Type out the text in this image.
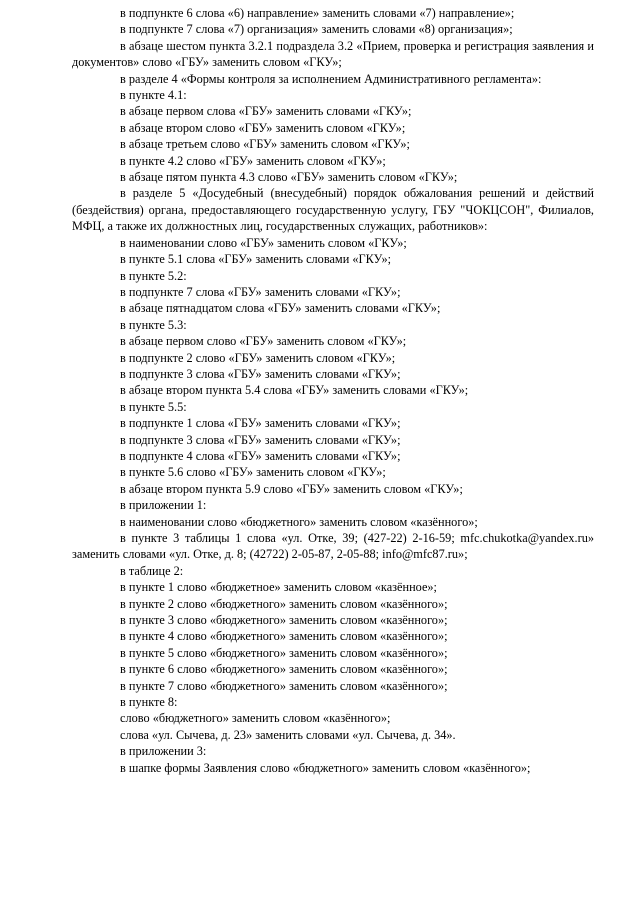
в подпункте 6 слова «6) направление» заменить словами «7) направление»;

в подпункте 7 слова «7) организация» заменить словами «8) организация»;

в абзаце шестом пункта 3.2.1 подраздела 3.2 «Прием, проверка и регистрация заявления и документов» слово «ГБУ» заменить словом «ГКУ»;

в разделе 4 «Формы контроля за исполнением Административного регламента»:

в пункте 4.1:

в абзаце первом слова «ГБУ» заменить словами «ГКУ»;

в абзаце втором слово «ГБУ» заменить словом «ГКУ»;

в абзаце третьем слово «ГБУ» заменить словом «ГКУ»;

в пункте 4.2 слово «ГБУ» заменить словом «ГКУ»;

в абзаце пятом пункта 4.3 слово «ГБУ» заменить словом «ГКУ»;

в разделе 5 «Досудебный (внесудебный) порядок обжалования решений и действий (бездействия) органа, предоставляющего государственную услугу, ГБУ "ЧОКЦСОН", Филиалов, МФЦ, а также их должностных лиц, государственных служащих, работников»:

в наименовании слово «ГБУ» заменить словом «ГКУ»;

в пункте 5.1 слова «ГБУ» заменить словами «ГКУ»;

в пункте 5.2:

в подпункте 7 слова «ГБУ» заменить словами «ГКУ»;

в абзаце пятнадцатом слова «ГБУ» заменить словами «ГКУ»;

в пункте 5.3:

в абзаце первом слово «ГБУ» заменить словом «ГКУ»;

в подпункте 2 слово «ГБУ» заменить словом «ГКУ»;

в подпункте 3 слова «ГБУ» заменить словами «ГКУ»;

в абзаце втором пункта 5.4 слова «ГБУ» заменить словами «ГКУ»;

в пункте 5.5:

в подпункте 1 слова «ГБУ» заменить словами «ГКУ»;

в подпункте 3 слова «ГБУ» заменить словами «ГКУ»;

в подпункте 4 слова «ГБУ» заменить словами «ГКУ»;

в пункте 5.6 слово «ГБУ» заменить словом «ГКУ»;

в абзаце втором пункта 5.9 слово «ГБУ» заменить словом «ГКУ»;

в приложении 1:

в наименовании слово «бюджетного» заменить словом «казённого»;

в пункте 3 таблицы 1 слова «ул. Отке, 39; (427-22) 2-16-59; mfc.chukotka@yandex.ru» заменить словами «ул. Отке, д. 8; (42722) 2-05-87, 2-05-88; info@mfc87.ru»;

в таблице 2:

в пункте 1 слово «бюджетное» заменить словом «казённое»;

в пункте 2 слово «бюджетного» заменить словом «казённого»;

в пункте 3 слово «бюджетного» заменить словом «казённого»;

в пункте 4 слово «бюджетного» заменить словом «казённого»;

в пункте 5 слово «бюджетного» заменить словом «казённого»;

в пункте 6 слово «бюджетного» заменить словом «казённого»;

в пункте 7 слово «бюджетного» заменить словом «казённого»;

в пункте 8:

слово «бюджетного» заменить словом «казённого»;

слова «ул. Сычева, д. 23» заменить словами «ул. Сычева, д. 34».

в приложении 3:

в шапке формы Заявления слово «бюджетного» заменить словом «казённого»;
